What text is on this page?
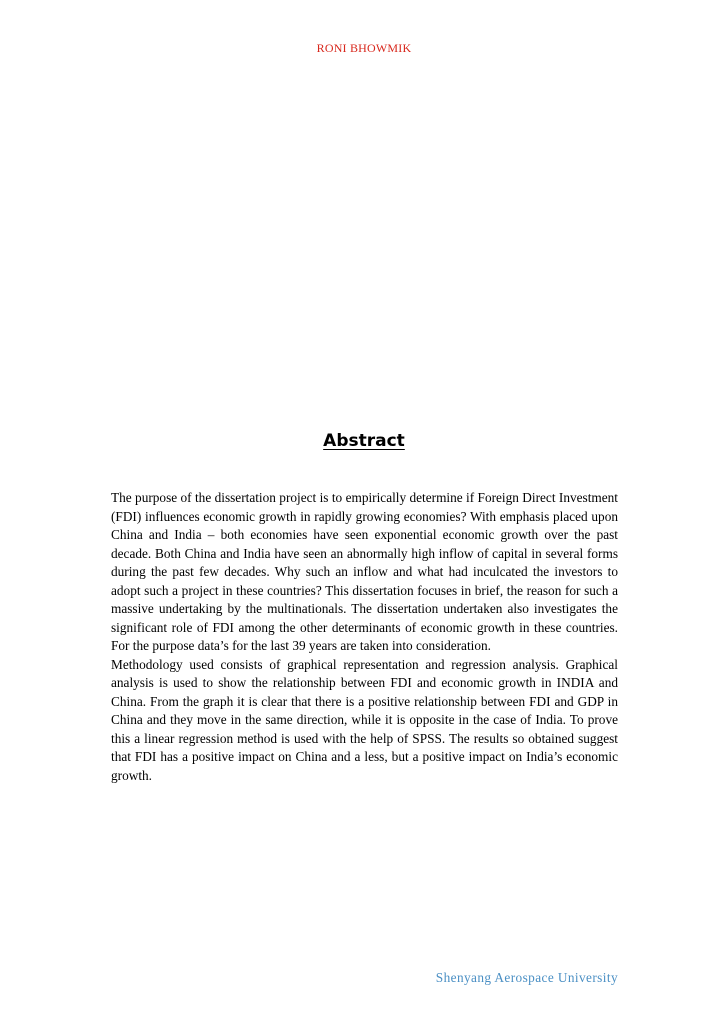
RONI BHOWMIK
Abstract

The purpose of the dissertation project is to empirically determine if Foreign Direct Investment (FDI) influences economic growth in rapidly growing economies? With emphasis placed upon China and India – both economies have seen exponential economic growth over the past decade. Both China and India have seen an abnormally high inflow of capital in several forms during the past few decades. Why such an inflow and what had inculcated the investors to adopt such a project in these countries? This dissertation focuses in brief, the reason for such a massive undertaking by the multinationals. The dissertation undertaken also investigates the significant role of FDI among the other determinants of economic growth in these countries. For the purpose data’s for the last 39 years are taken into consideration.

Methodology used consists of graphical representation and regression analysis. Graphical analysis is used to show the relationship between FDI and economic growth in INDIA and China. From the graph it is clear that there is a positive relationship between FDI and GDP in China and they move in the same direction, while it is opposite in the case of India. To prove this a linear regression method is used with the help of SPSS. The results so obtained suggest that FDI has a positive impact on China and a less, but a positive impact on India’s economic growth.

Shenyang Aerospace University
